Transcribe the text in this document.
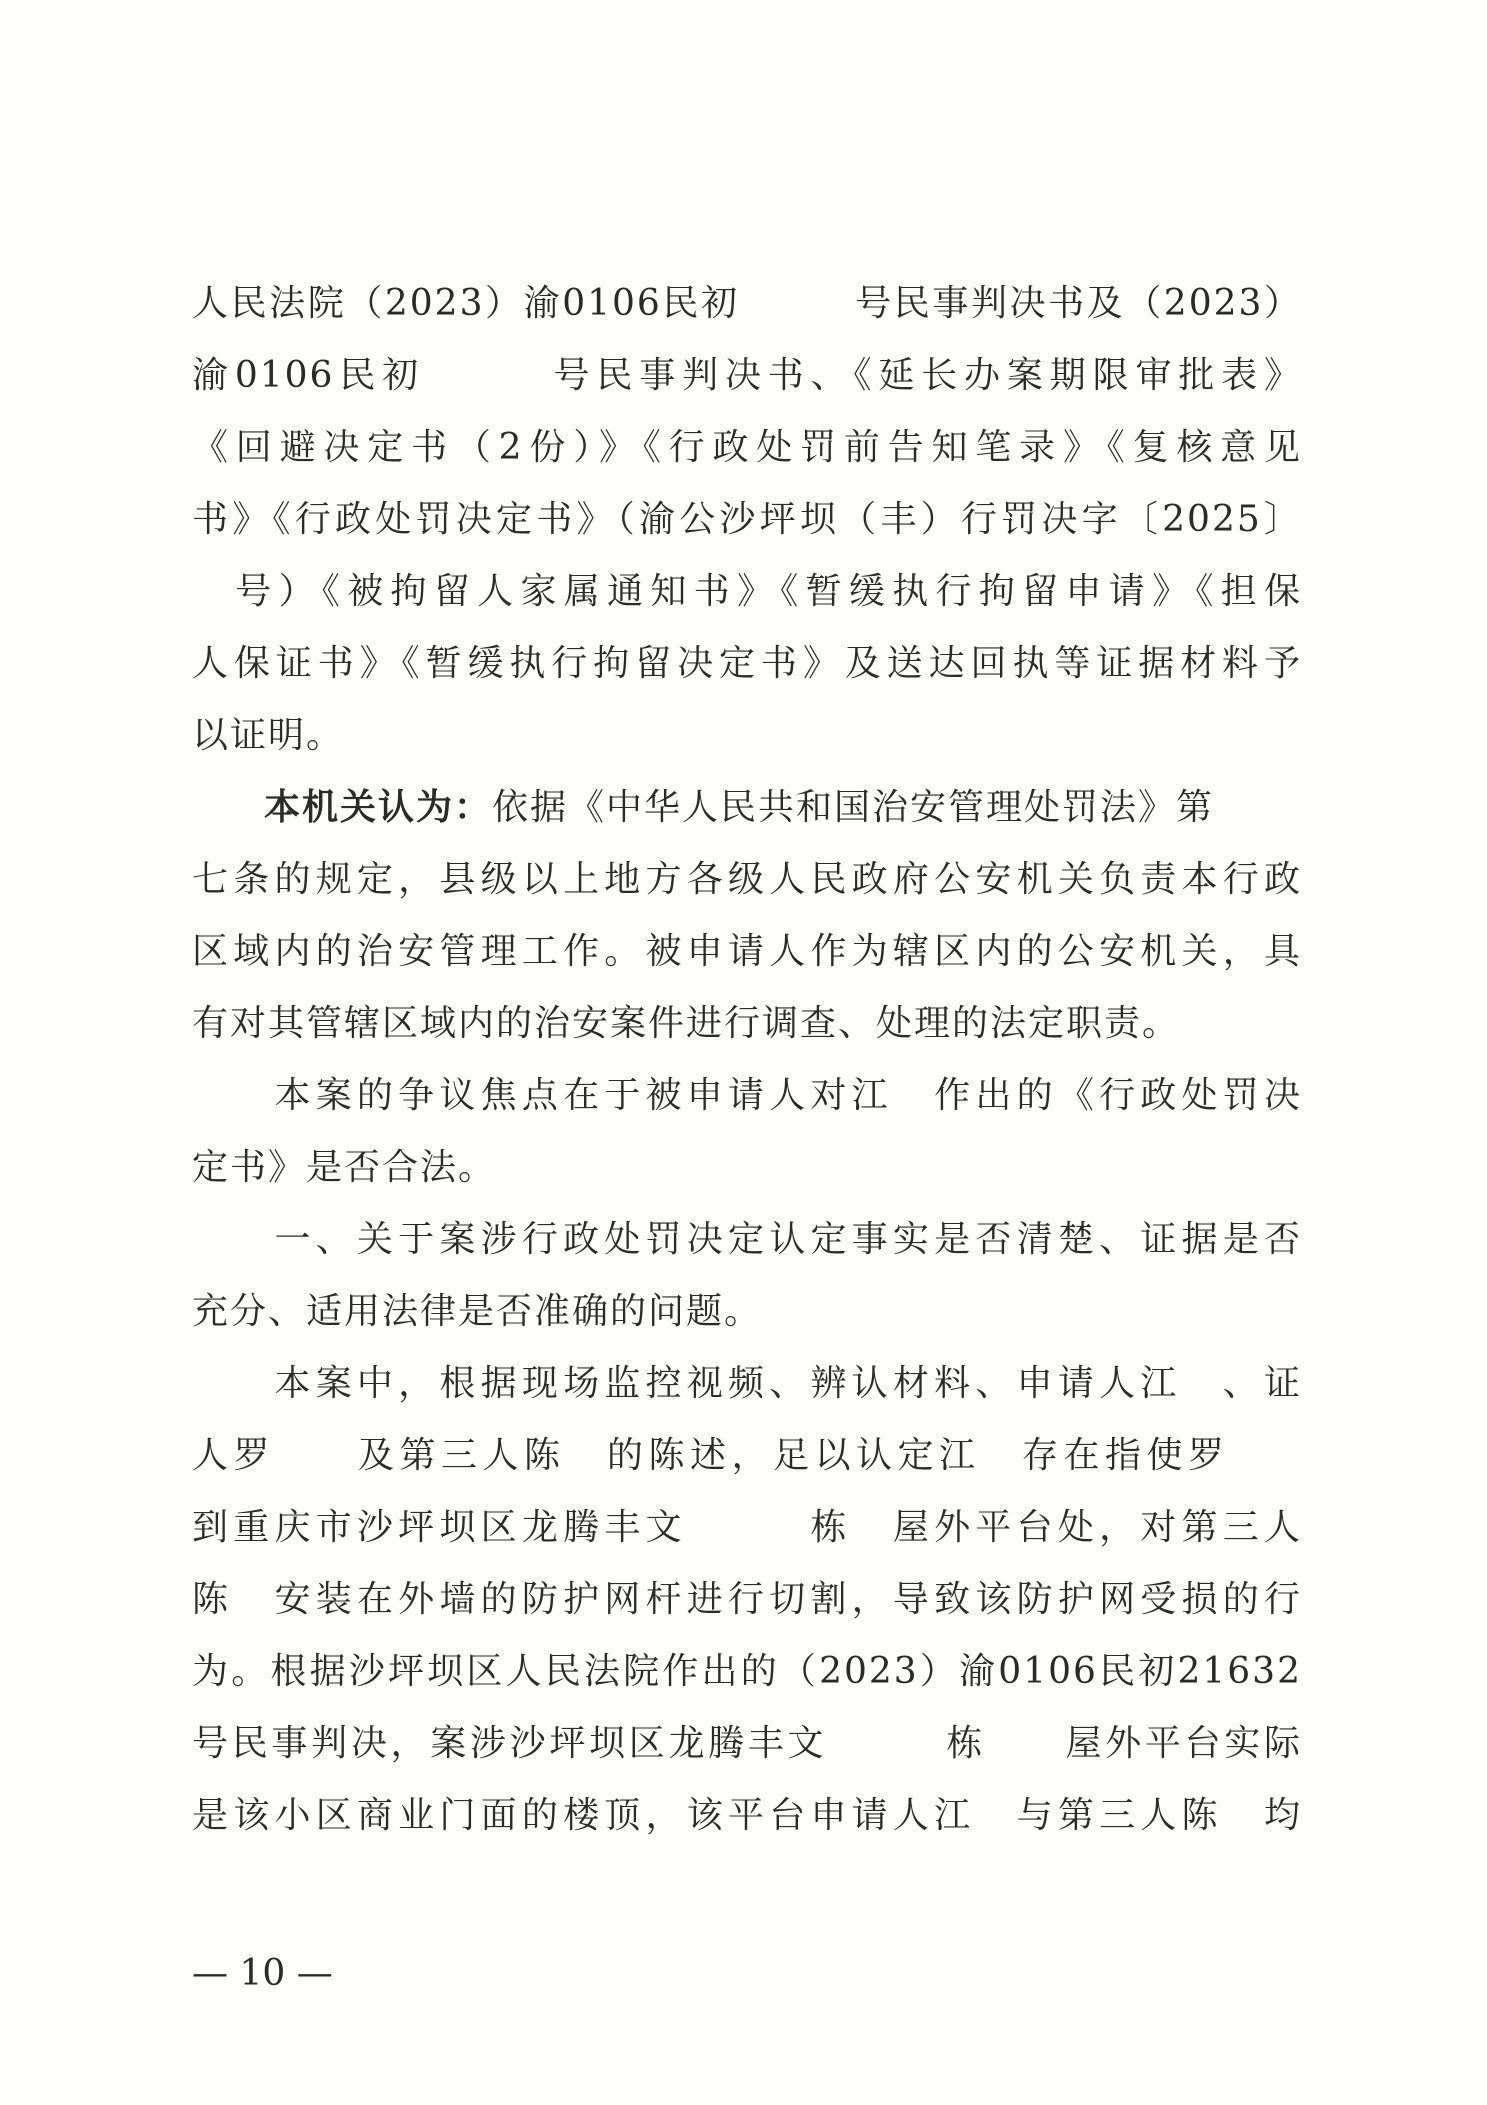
人民法院（2023）渝0106民初　　　号民事判决书及（2023）
渝0106民初　　　号民事判决书、《延长办案期限审批表》
《回避决定书（2份）》《行政处罚前告知笔录》《复核意见
书》《行政处罚决定书》（渝公沙坪坝（丰）行罚决字〔2025〕
　号）《被拘留人家属通知书》《暂缓执行拘留申请》《担保
人保证书》《暂缓执行拘留决定书》及送达回执等证据材料予
以证明。
本机关认为：依据《中华人民共和国治安管理处罚法》第
七条的规定，县级以上地方各级人民政府公安机关负责本行政
区域内的治安管理工作。被申请人作为辖区内的公安机关，具
有对其管辖区域内的治安案件进行调查、处理的法定职责。
　　本案的争议焦点在于被申请人对江　作出的《行政处罚决
定书》是否合法。
　　一、关于案涉行政处罚决定认定事实是否清楚、证据是否
充分、适用法律是否准确的问题。
　　本案中，根据现场监控视频、辨认材料、申请人江　、证
人罗　　及第三人陈　的陈述，足以认定江　存在指使罗　　
到重庆市沙坪坝区龙腾丰文　　　栋　屋外平台处，对第三人
陈　安装在外墙的防护网杆进行切割，导致该防护网受损的行
为。根据沙坪坝区人民法院作出的（2023）渝0106民初21632
号民事判决，案涉沙坪坝区龙腾丰文　　　栋　　屋外平台实际
是该小区商业门面的楼顶，该平台申请人江　与第三人陈　均
— 10 —
